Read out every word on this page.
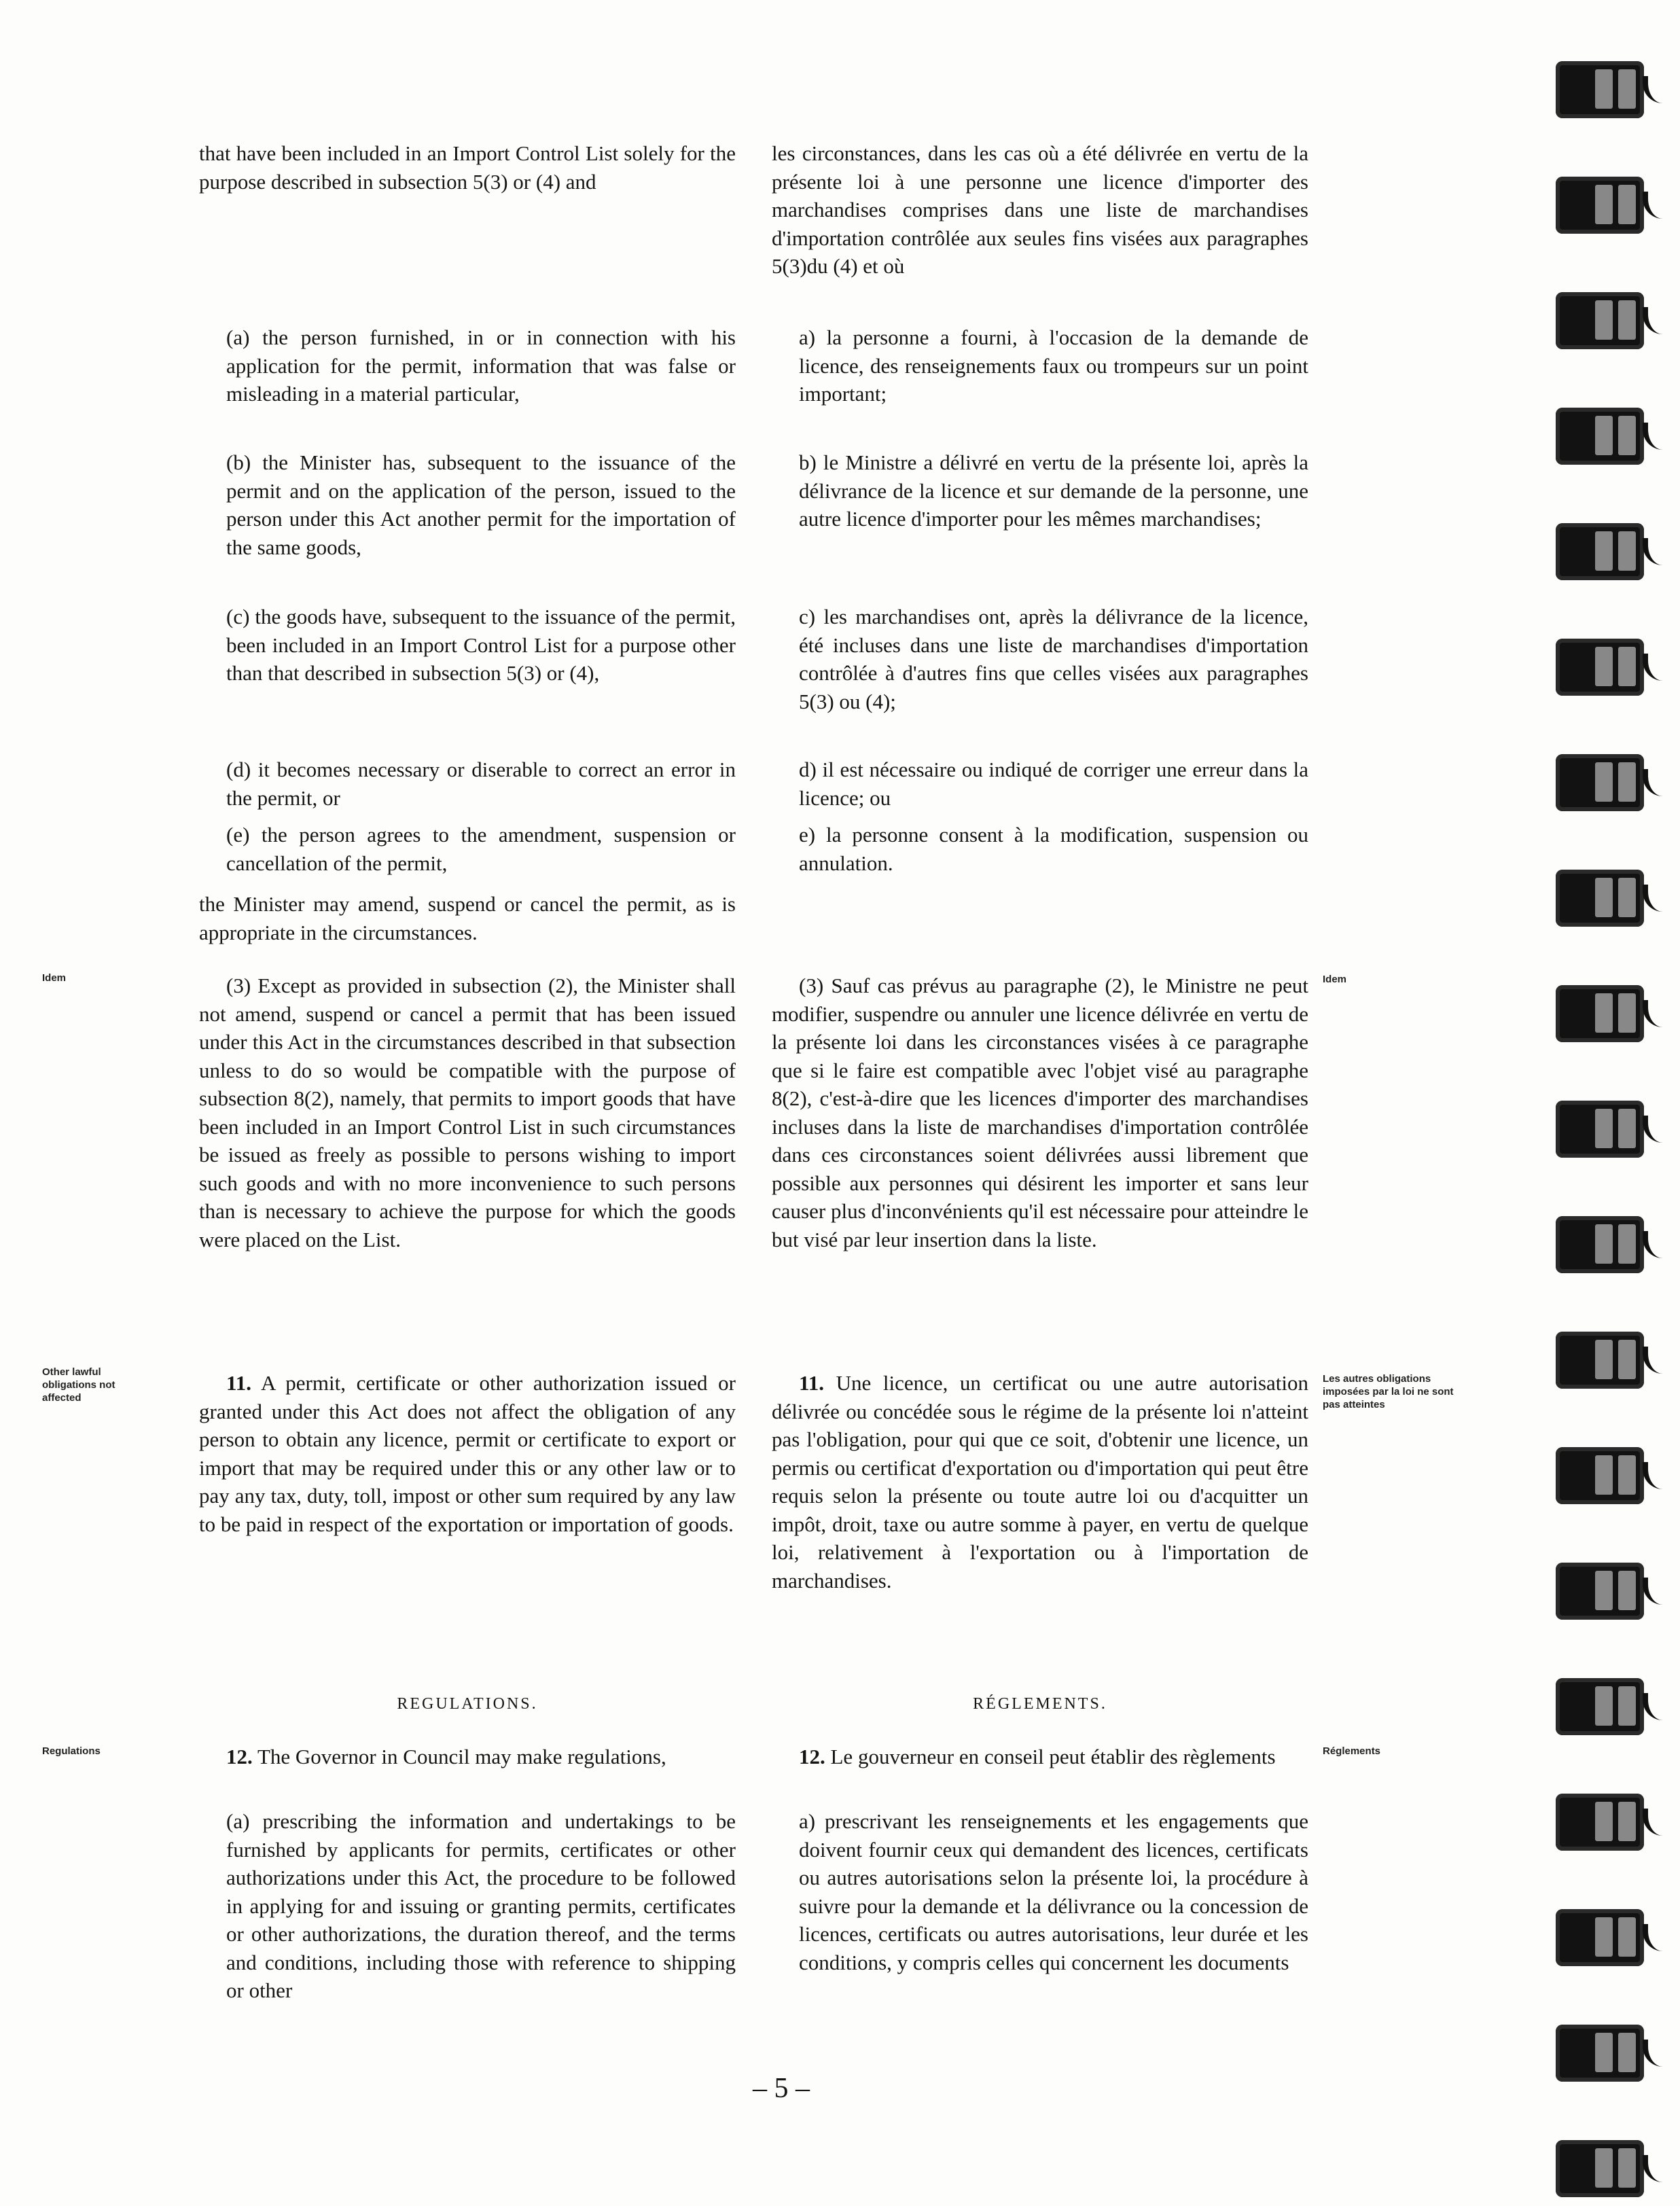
that have been included in an Import Control List solely for the purpose described in subsection 5(3) or (4) and
(a) the person furnished, in or in connection with his application for the permit, information that was false or misleading in a material particular,
(b) the Minister has, subsequent to the issuance of the permit and on the application of the person, issued to the person under this Act another permit for the importation of the same goods,
(c) the goods have, subsequent to the issuance of the permit, been included in an Import Control List for a purpose other than that described in subsection 5(3) or (4),
(d) it becomes necessary or diserable to correct an error in the permit, or
(e) the person agrees to the amendment, suspension or cancellation of the permit,
the Minister may amend, suspend or cancel the permit, as is appropriate in the circumstances.
(3) Except as provided in subsection (2), the Minister shall not amend, suspend or cancel a permit that has been issued under this Act in the circumstances described in that subsection unless to do so would be compatible with the purpose of subsection 8(2), namely, that permits to import goods that have been included in an Import Control List in such circumstances be issued as freely as possible to persons wishing to import such goods and with no more inconvenience to such persons than is necessary to achieve the purpose for which the goods were placed on the List.
11. A permit, certificate or other authorization issued or granted under this Act does not affect the obligation of any person to obtain any licence, permit or certificate to export or import that may be required under this or any other law or to pay any tax, duty, toll, impost or other sum required by any law to be paid in respect of the exportation or importation of goods.
REGULATIONS.
12. The Governor in Council may make regulations,
(a) prescribing the information and undertakings to be furnished by applicants for permits, certificates or other authorizations under this Act, the procedure to be followed in applying for and issuing or granting permits, certificates or other authorizations, the duration thereof, and the terms and conditions, including those with reference to shipping or other
les circonstances, dans les cas où a été délivrée en vertu de la présente loi à une personne une licence d'importer des marchandises comprises dans une liste de marchandises d'importation contrôlée aux seules fins visées aux paragraphes 5(3)du (4) et où
a) la personne a fourni, à l'occasion de la demande de licence, des renseignements faux ou trompeurs sur un point important;
b) le Ministre a délivré en vertu de la présente loi, après la délivrance de la licence et sur demande de la personne, une autre licence d'importer pour les mêmes marchandises;
c) les marchandises ont, après la délivrance de la licence, été incluses dans une liste de marchandises d'importation contrôlée à d'autres fins que celles visées aux paragraphes 5(3) ou (4);
d) il est nécessaire ou indiqué de corriger une erreur dans la licence; ou
e) la personne consent à la modification, suspension ou annulation.
(3) Sauf cas prévus au paragraphe (2), le Ministre ne peut modifier, suspendre ou annuler une licence délivrée en vertu de la présente loi dans les circonstances visées à ce paragraphe que si le faire est compatible avec l'objet visé au paragraphe 8(2), c'est-à-dire que les licences d'importer des marchandises incluses dans la liste de marchandises d'importation contrôlée dans ces circonstances soient délivrées aussi librement que possible aux personnes qui désirent les importer et sans leur causer plus d'inconvénients qu'il est nécessaire pour atteindre le but visé par leur insertion dans la liste.
11. Une licence, un certificat ou une autre autorisation délivrée ou concédée sous le régime de la présente loi n'atteint pas l'obligation, pour qui que ce soit, d'obtenir une licence, un permis ou certificat d'exportation ou d'importation qui peut être requis selon la présente ou toute autre loi ou d'acquitter un impôt, droit, taxe ou autre somme à payer, en vertu de quelque loi, relativement à l'exportation ou à l'importation de marchandises.
RÉGLEMENTS.
12. Le gouverneur en conseil peut établir des règlements
a) prescrivant les renseignements et les engagements que doivent fournir ceux qui demandent des licences, certificats ou autres autorisations selon la présente loi, la procédure à suivre pour la demande et la délivrance ou la concession de licences, certificats ou autres autorisations, leur durée et les conditions, y compris celles qui concernent les documents
Idem
Other lawful obligations not affected
Regulations
Idem
Les autres obligations imposées par la loi ne sont pas atteintes
Réglements
– 5 –
